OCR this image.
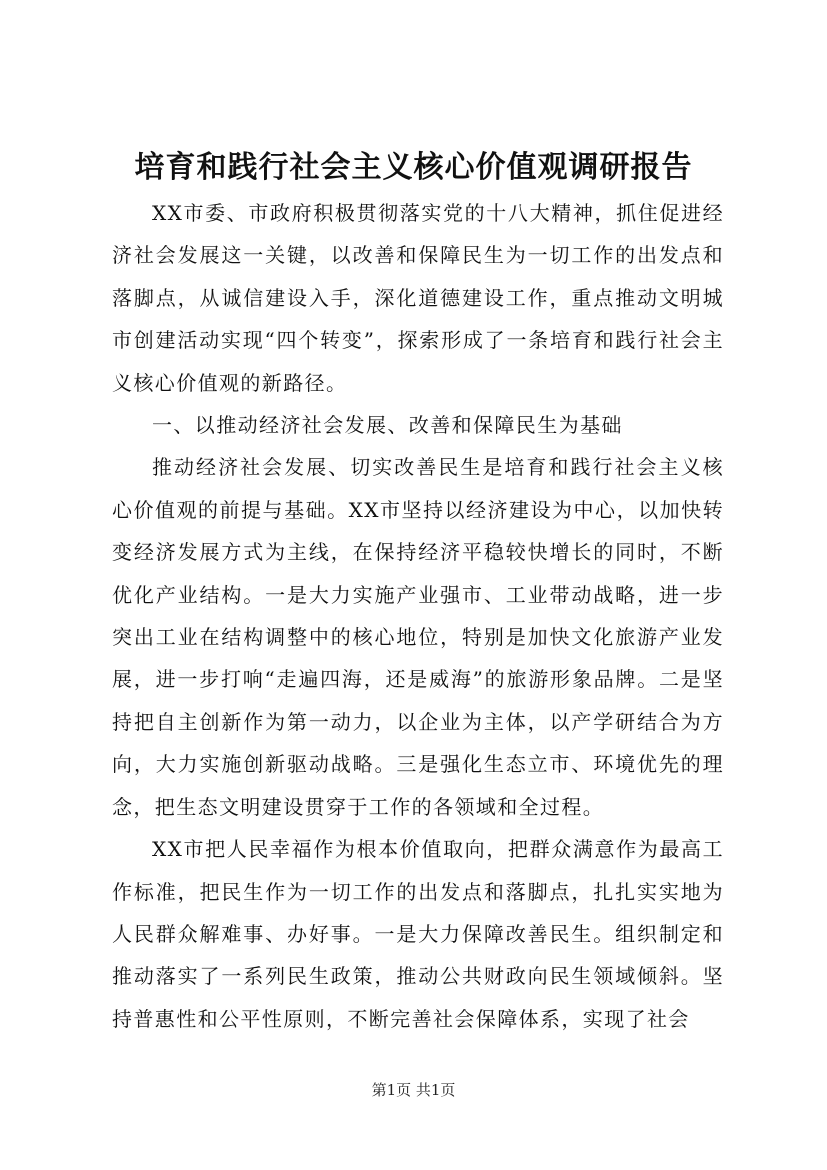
培育和践行社会主义核心价值观调研报告

XX市委、市政府积极贯彻落实党的十八大精神，抓住促进经济社会发展这一关键，以改善和保障民生为一切工作的出发点和落脚点，从诚信建设入手，深化道德建设工作，重点推动文明城市创建活动实现“四个转变”，探索形成了一条培育和践行社会主义核心价值观的新路径。

一、以推动经济社会发展、改善和保障民生为基础

推动经济社会发展、切实改善民生是培育和践行社会主义核心价值观的前提与基础。XX市坚持以经济建设为中心，以加快转变经济发展方式为主线，在保持经济平稳较快增长的同时，不断优化产业结构。一是大力实施产业强市、工业带动战略，进一步突出工业在结构调整中的核心地位，特别是加快文化旅游产业发展，进一步打响“走遍四海，还是威海”的旅游形象品牌。二是坚持把自主创新作为第一动力，以企业为主体，以产学研结合为方向，大力实施创新驱动战略。三是强化生态立市、环境优先的理念，把生态文明建设贯穿于工作的各领域和全过程。

XX市把人民幸福作为根本价值取向，把群众满意作为最高工作标准，把民生作为一切工作的出发点和落脚点，扎扎实实地为人民群众解难事、办好事。一是大力保障改善民生。组织制定和推动落实了一系列民生政策，推动公共财政向民生领域倾斜。坚持普惠性和公平性原则，不断完善社会保障体系，实现了社会

第1页 共1页
